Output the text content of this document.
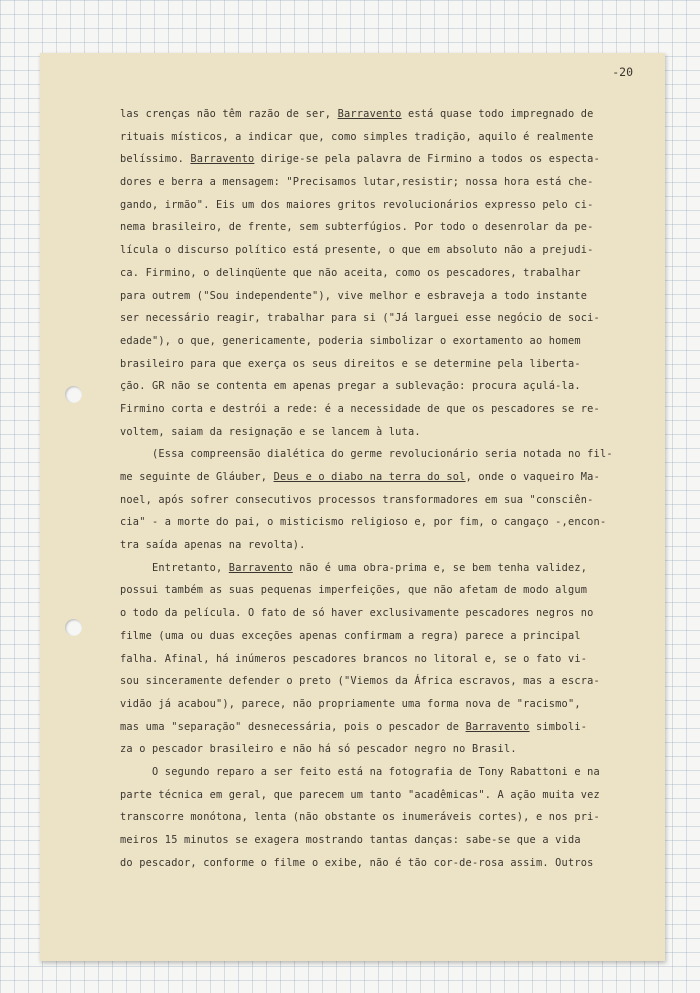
-20

las crenças não têm razão de ser, Barravento está quase todo impregnado de

rituais místicos, a indicar que, como simples tradição, aquilo é realmente

belíssimo. Barravento dirige-se pela palavra de Firmino a todos os especta-

dores e berra a mensagem: "Precisamos lutar,resistir; nossa hora está che-

gando, irmão". Eis um dos maiores gritos revolucionários expresso pelo ci-

nema brasileiro, de frente, sem subterfúgios. Por todo o desenrolar da pe-

lícula o discurso político está presente, o que em absoluto não a prejudi-

ca. Firmino, o delinqüente que não aceita, como os pescadores, trabalhar

para outrem ("Sou independente"), vive melhor e esbraveja a todo instante

ser necessário reagir, trabalhar para si ("Já larguei esse negócio de soci-

edade"), o que, genericamente, poderia simbolizar o exortamento ao homem

brasileiro para que exerça os seus direitos e se determine pela liberta-

ção. GR não se contenta em apenas pregar a sublevação: procura açulá-la.

Firmino corta e destrói a rede: é a necessidade de que os pescadores se re-

voltem, saiam da resignação e se lancem à luta.

(Essa compreensão dialética do germe revolucionário seria notada no fil-

me seguinte de Gláuber, Deus e o diabo na terra do sol, onde o vaqueiro Ma-

noel, após sofrer consecutivos processos transformadores em sua "consciên-

cia" - a morte do pai, o misticismo religioso e, por fim, o cangaço -,encon-

tra saída apenas na revolta).

Entretanto, Barravento não é uma obra-prima e, se bem tenha validez,

possui também as suas pequenas imperfeições, que não afetam de modo algum

o todo da película. O fato de só haver exclusivamente pescadores negros no

filme (uma ou duas exceções apenas confirmam a regra) parece a principal

falha. Afinal, há inúmeros pescadores brancos no litoral e, se o fato vi-

sou sinceramente defender o preto ("Viemos da África escravos, mas a escra-

vidão já acabou"), parece, não propriamente uma forma nova de "racismo",

mas uma "separação" desnecessária, pois o pescador de Barravento simboli-

za o pescador brasileiro e não há só pescador negro no Brasil.

O segundo reparo a ser feito está na fotografia de Tony Rabattoni e na

parte técnica em geral, que parecem um tanto "acadêmicas". A ação muita vez

transcorre monótona, lenta (não obstante os inumeráveis cortes), e nos pri-

meiros 15 minutos se exagera mostrando tantas danças: sabe-se que a vida

do pescador, conforme o filme o exibe, não é tão cor-de-rosa assim. Outros
